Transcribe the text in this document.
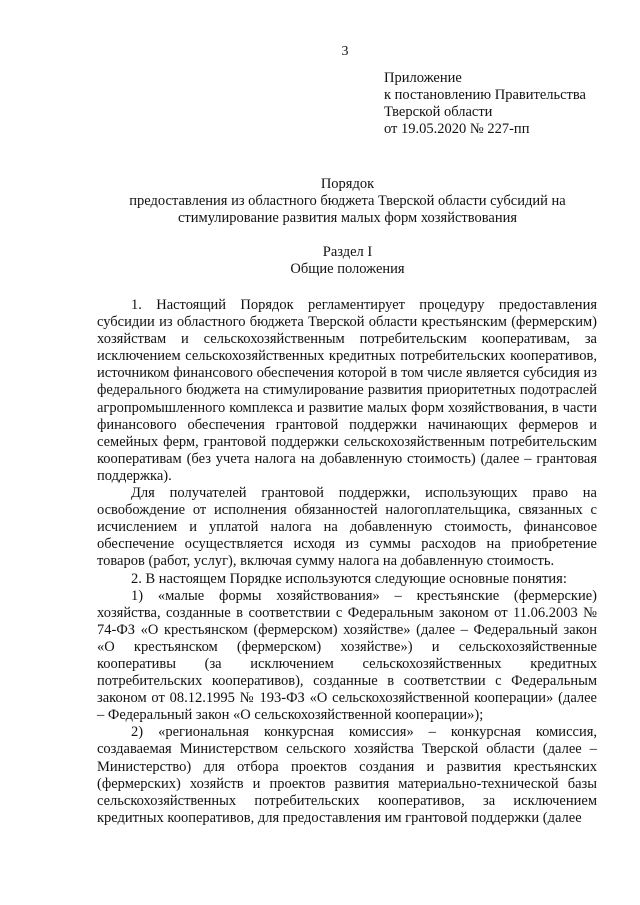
3
Приложение
к постановлению Правительства
Тверской области
от 19.05.2020 № 227-пп
Порядок
предоставления из областного бюджета Тверской области субсидий на
стимулирование развития малых форм хозяйствования
Раздел I
Общие положения

1. Настоящий Порядок регламентирует процедуру предоставления субсидии из областного бюджета Тверской области крестьянским (фермерским) хозяйствам и сельскохозяйственным потребительским кооперативам, за исключением сельскохозяйственных кредитных потребительских кооперативов, источником финансового обеспечения которой в том числе является субсидия из федерального бюджета на стимулирование развития приоритетных подотраслей агропромышленного комплекса и развитие малых форм хозяйствования, в части финансового обеспечения грантовой поддержки начинающих фермеров и семейных ферм, грантовой поддержки сельскохозяйственным потребительским кооперативам (без учета налога на добавленную стоимость) (далее – грантовая поддержка).

Для получателей грантовой поддержки, использующих право на освобождение от исполнения обязанностей налогоплательщика, связанных с исчислением и уплатой налога на добавленную стоимость, финансовое обеспечение осуществляется исходя из суммы расходов на приобретение товаров (работ, услуг), включая сумму налога на добавленную стоимость.

2. В настоящем Порядке используются следующие основные понятия:

1) «малые формы хозяйствования» – крестьянские (фермерские) хозяйства, созданные в соответствии с Федеральным законом от 11.06.2003 № 74-ФЗ «О крестьянском (фермерском) хозяйстве» (далее – Федеральный закон «О крестьянском (фермерском) хозяйстве») и сельскохозяйственные кооперативы (за исключением сельскохозяйственных кредитных потребительских кооперативов), созданные в соответствии с Федеральным законом от 08.12.1995 № 193-ФЗ «О сельскохозяйственной кооперации» (далее – Федеральный закон «О сельскохозяйственной кооперации»);

2) «региональная конкурсная комиссия» – конкурсная комиссия, создаваемая Министерством сельского хозяйства Тверской области (далее – Министерство) для отбора проектов создания и развития крестьянских (фермерских) хозяйств и проектов развития материально-технической базы сельскохозяйственных потребительских кооперативов, за исключением кредитных кооперативов, для предоставления им грантовой поддержки (далее
